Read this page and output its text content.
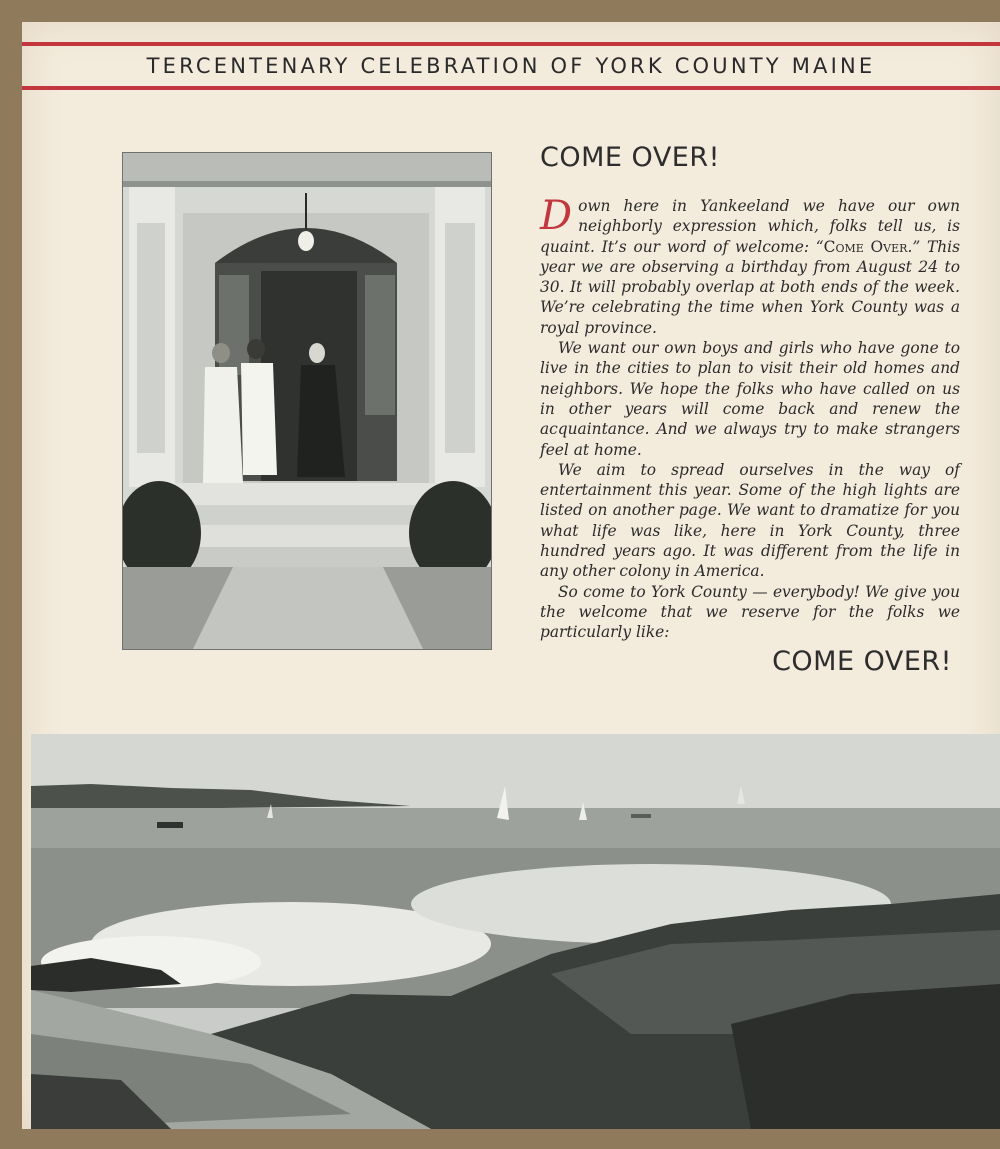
TERCENTENARY CELEBRATION OF YORK COUNTY MAINE
COME OVER!

Down here in Yankeeland we have our own neighborly expression which, folks tell us, is quaint. It’s our word of welcome: “Come Over.” This year we are observing a birthday from August 24 to 30. It will probably overlap at both ends of the week. We’re celebrating the time when York County was a royal province.

We want our own boys and girls who have gone to live in the cities to plan to visit their old homes and neighbors. We hope the folks who have called on us in other years will come back and renew the acquaintance. And we always try to make strangers feel at home.

We aim to spread ourselves in the way of entertainment this year. Some of the high lights are listed on another page. We want to dramatize for you what life was like, here in York County, three hundred years ago. It was different from the life in any other colony in America.

So come to York County — everybody! We give you the welcome that we reserve for the folks we particularly like:

COME OVER!
